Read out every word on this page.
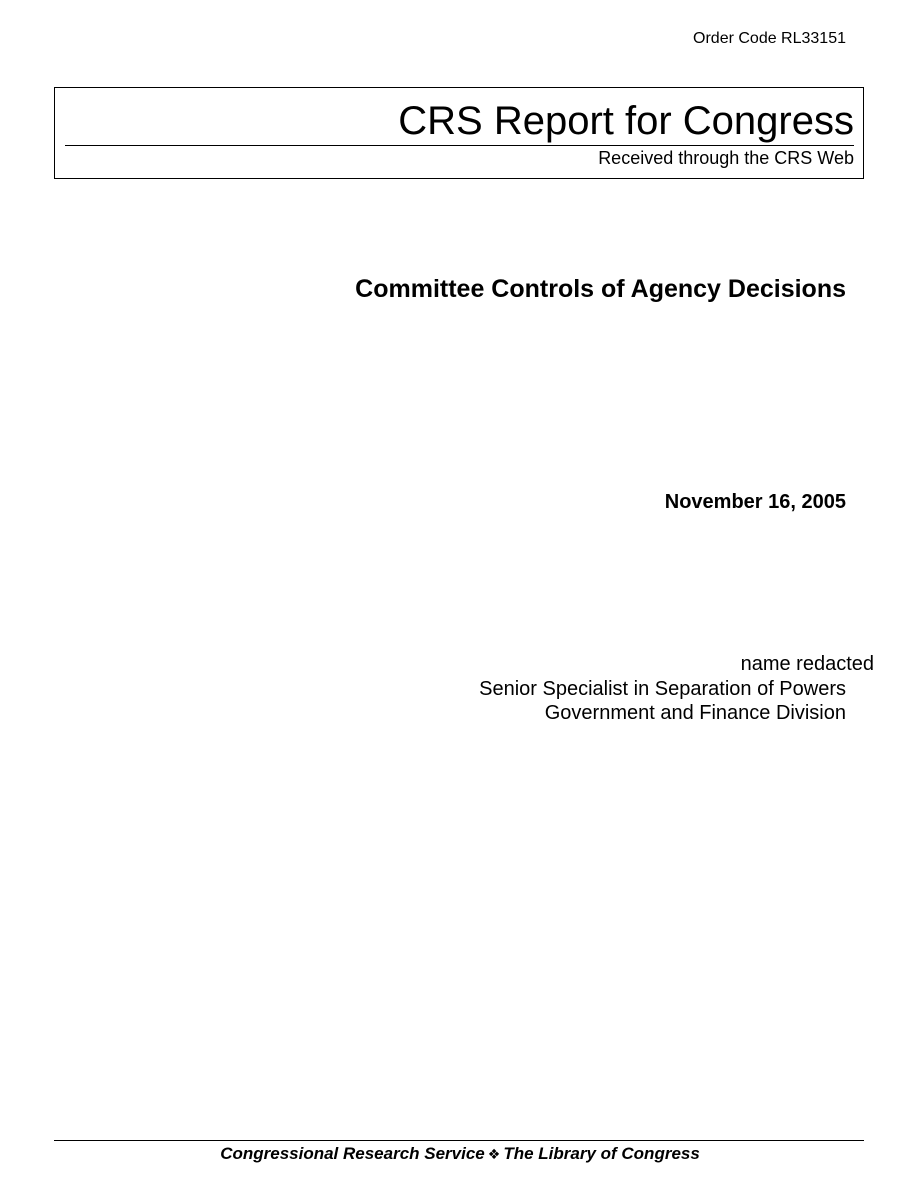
Order Code RL33151
CRS Report for Congress
Received through the CRS Web
Committee Controls of Agency Decisions
November 16, 2005
name redacted
Senior Specialist in Separation of Powers
Government and Finance Division
Congressional Research Service ❖ The Library of Congress
